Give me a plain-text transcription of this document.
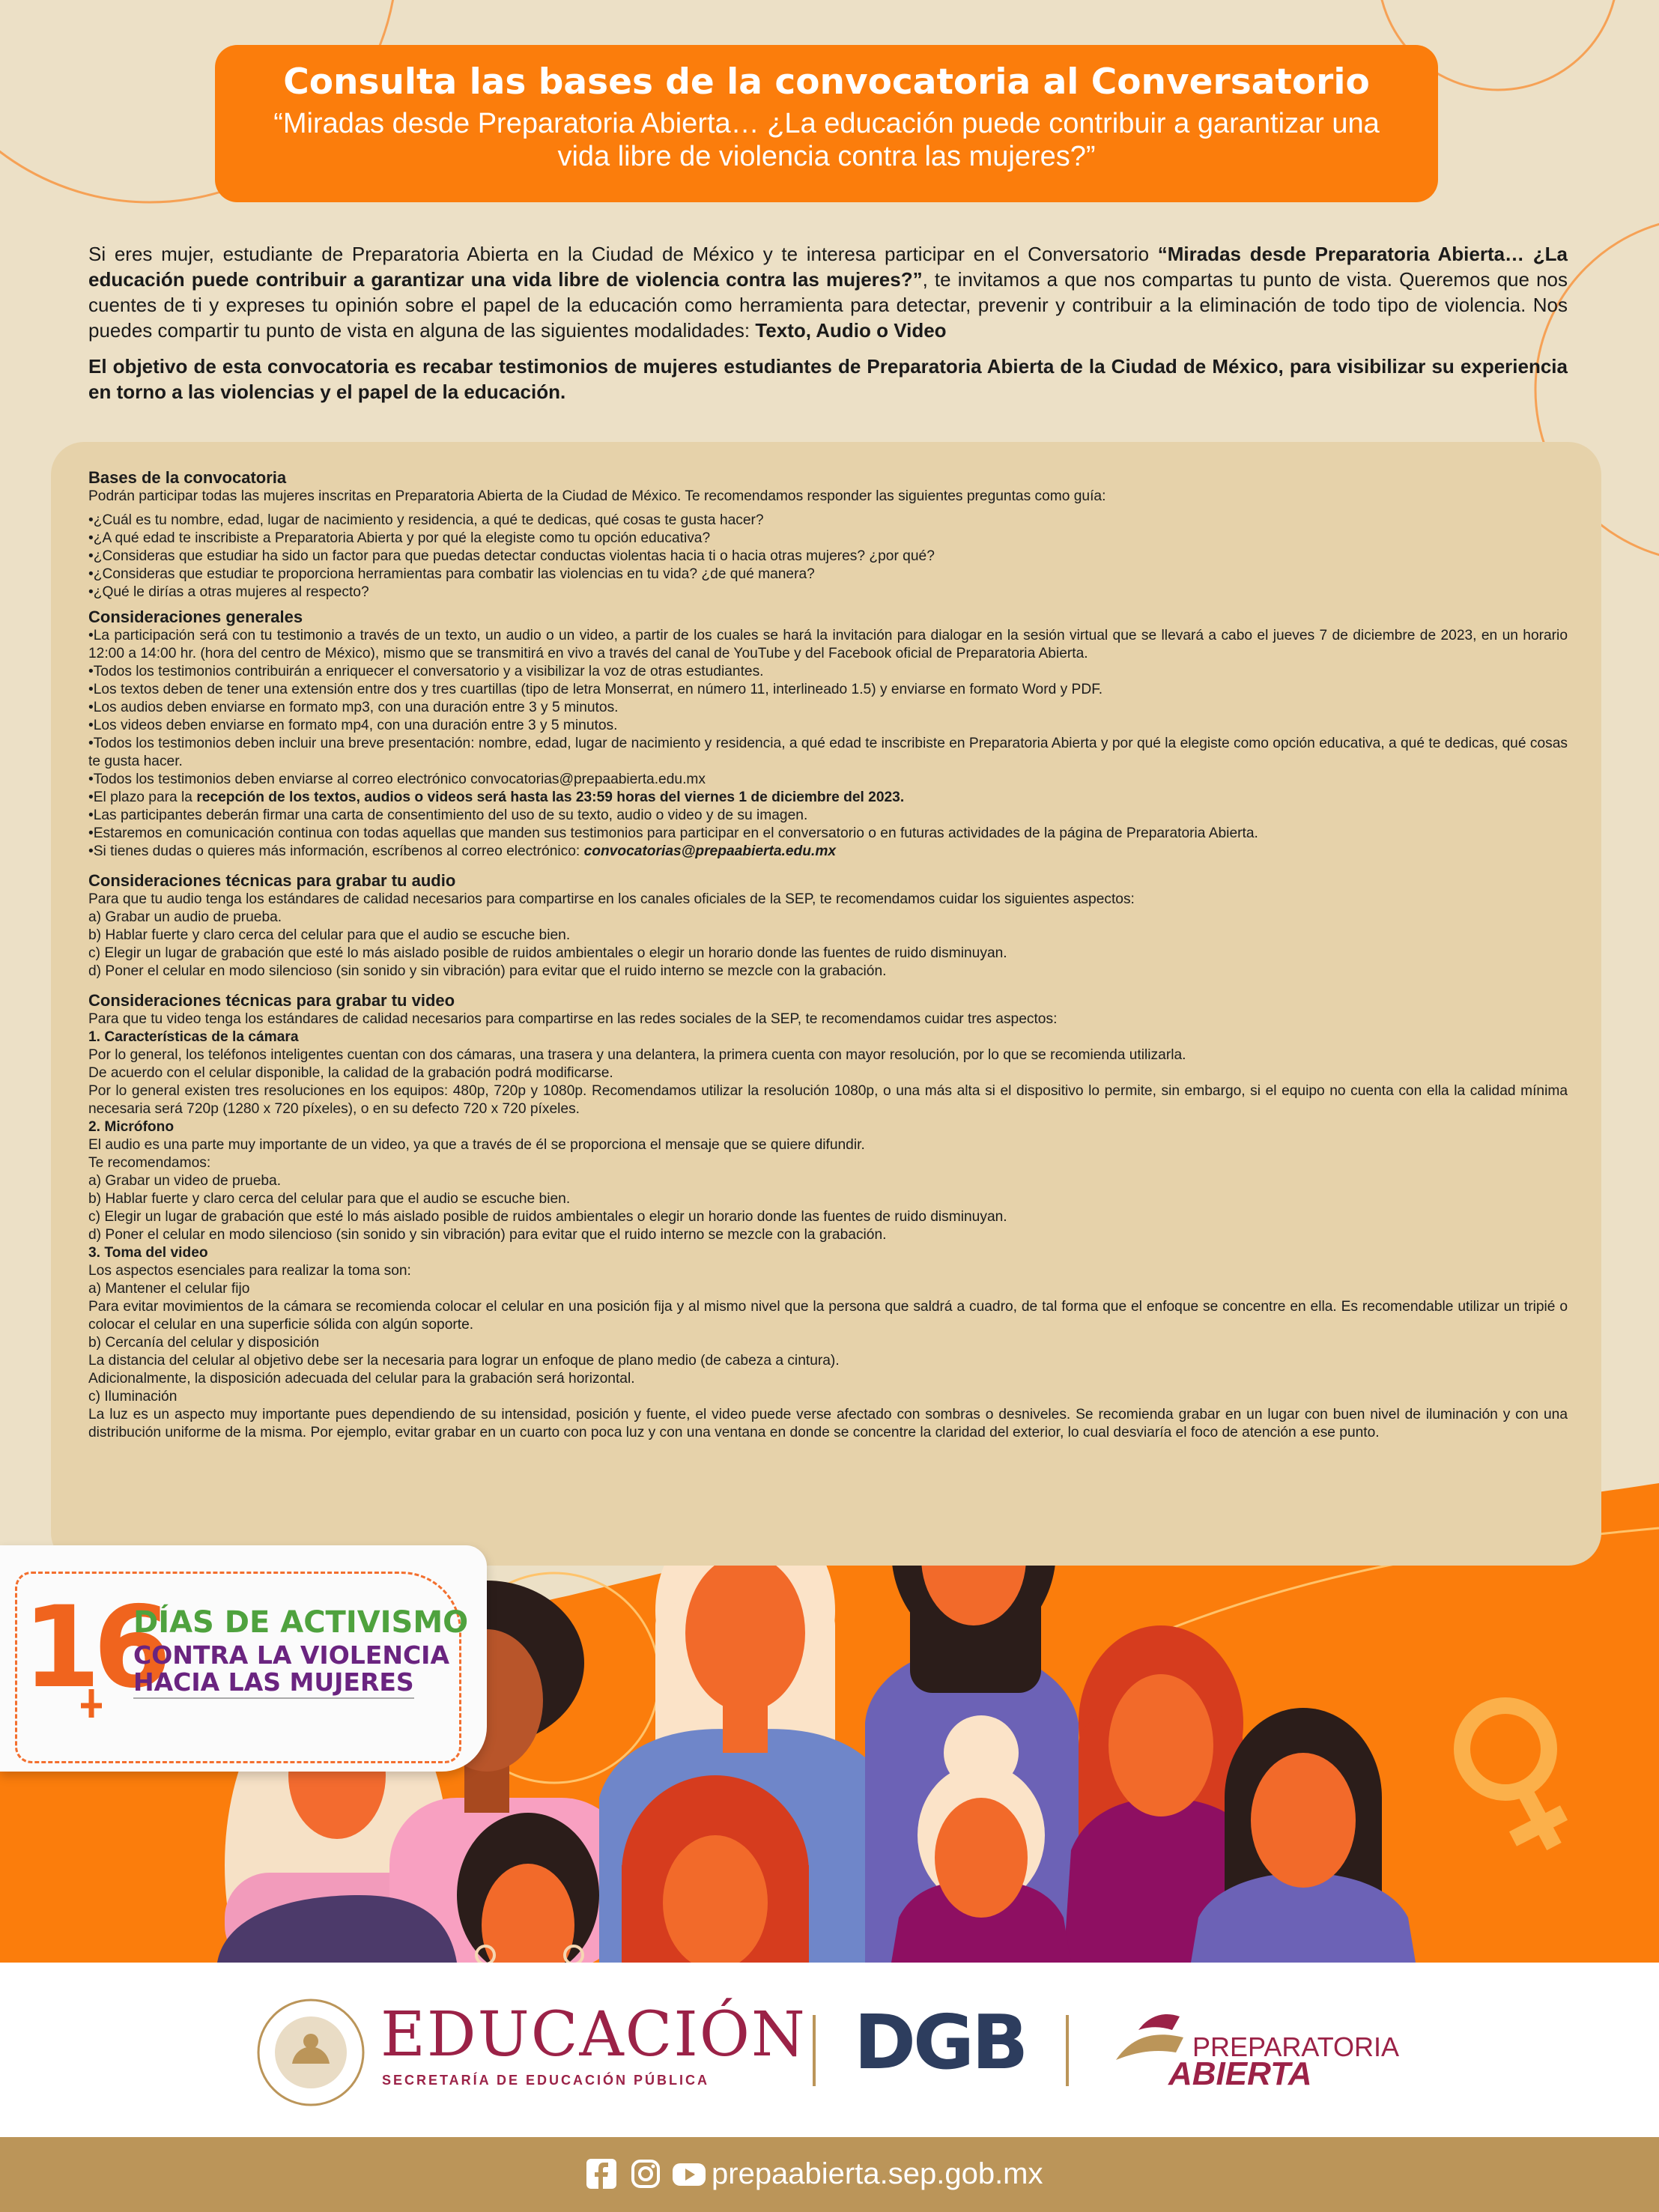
Consulta las bases de la convocatoria al Conversatorio
“Miradas desde Preparatoria Abierta… ¿La educación puede contribuir a garantizar una vida libre de violencia contra las mujeres?”

Si eres mujer, estudiante de Preparatoria Abierta en la Ciudad de México y te interesa participar en el Conversatorio “Miradas desde Preparatoria Abierta… ¿La educación puede contribuir a garantizar una vida libre de violencia contra las mujeres?”, te invitamos a que nos compartas tu punto de vista. Queremos que nos cuentes de ti y expreses tu opinión sobre el papel de la educación como herramienta para detectar, prevenir y contribuir a la eliminación de todo tipo de violencia. Nos puedes compartir tu punto de vista en alguna de las siguientes modalidades: Texto, Audio o Video

El objetivo de esta convocatoria es recabar testimonios de mujeres estudiantes de Preparatoria Abierta de la Ciudad de México, para visibilizar su experiencia en torno a las violencias y el papel de la educación.

Bases de la convocatoria

Podrán participar todas las mujeres inscritas en Preparatoria Abierta de la Ciudad de México. Te recomendamos responder las siguientes preguntas como guía:

•¿Cuál es tu nombre, edad, lugar de nacimiento y residencia, a qué te dedicas, qué cosas te gusta hacer?

•¿A qué edad te inscribiste a Preparatoria Abierta y por qué la elegiste como tu opción educativa?

•¿Consideras que estudiar ha sido un factor para que puedas detectar conductas violentas hacia ti o hacia otras mujeres? ¿por qué?

•¿Consideras que estudiar te proporciona herramientas para combatir las violencias en tu vida? ¿de qué manera?

•¿Qué le dirías a otras mujeres al respecto?

Consideraciones generales

•La participación será con tu testimonio a través de un texto, un audio o un video, a partir de los cuales se hará la invitación para dialogar en la sesión virtual que se llevará a cabo el jueves 7 de diciembre de 2023, en un horario 12:00 a 14:00 hr. (hora del centro de México), mismo que se transmitirá en vivo a través del canal de YouTube y del Facebook oficial de Preparatoria Abierta.

•Todos los testimonios contribuirán a enriquecer el conversatorio y a visibilizar la voz de otras estudiantes.

•Los textos deben de tener una extensión entre dos y tres cuartillas (tipo de letra Monserrat, en número 11, interlineado 1.5) y enviarse en formato Word y PDF.

•Los audios deben enviarse en formato mp3, con una duración entre 3 y 5 minutos.

•Los videos deben enviarse en formato mp4, con una duración entre 3 y 5 minutos.

•Todos los testimonios deben incluir una breve presentación: nombre, edad, lugar de nacimiento y residencia, a qué edad te inscribiste en Preparatoria Abierta y por qué la elegiste como opción educativa, a qué te dedicas, qué cosas te gusta hacer.

•Todos los testimonios deben enviarse al correo electrónico convocatorias@prepaabierta.edu.mx

•El plazo para la recepción de los textos, audios o videos será hasta las 23:59 horas del viernes 1 de diciembre del 2023.

•Las participantes deberán firmar una carta de consentimiento del uso de su texto, audio o video y de su imagen.

•Estaremos en comunicación continua con todas aquellas que manden sus testimonios para participar en el conversatorio o en futuras actividades de la página de Preparatoria Abierta.

•Si tienes dudas o quieres más información, escríbenos al correo electrónico: convocatorias@prepaabierta.edu.mx

Consideraciones técnicas para grabar tu audio

Para que tu audio tenga los estándares de calidad necesarios para compartirse en los canales oficiales de la SEP, te recomendamos cuidar los siguientes aspectos:

a) Grabar un audio de prueba.

b) Hablar fuerte y claro cerca del celular para que el audio se escuche bien.

c) Elegir un lugar de grabación que esté lo más aislado posible de ruidos ambientales o elegir un horario donde las fuentes de ruido disminuyan.

d) Poner el celular en modo silencioso (sin sonido y sin vibración) para evitar que el ruido interno se mezcle con la grabación.

Consideraciones técnicas para grabar tu video

Para que tu video tenga los estándares de calidad necesarios para compartirse en las redes sociales de la SEP, te recomendamos cuidar tres aspectos:

1. Características de la cámara

Por lo general, los teléfonos inteligentes cuentan con dos cámaras, una trasera y una delantera, la primera cuenta con mayor resolución, por lo que se recomienda utilizarla.

De acuerdo con el celular disponible, la calidad de la grabación podrá modificarse.

Por lo general existen tres resoluciones en los equipos: 480p, 720p y 1080p. Recomendamos utilizar la resolución 1080p, o una más alta si el dispositivo lo permite, sin embargo, si el equipo no cuenta con ella la calidad mínima necesaria será 720p (1280 x 720 píxeles), o en su defecto 720 x 720 píxeles.

2. Micrófono

El audio es una parte muy importante de un video, ya que a través de él se proporciona el mensaje que se quiere difundir.

Te recomendamos:

a) Grabar un video de prueba.

b) Hablar fuerte y claro cerca del celular para que el audio se escuche bien.

c) Elegir un lugar de grabación que esté lo más aislado posible de ruidos ambientales o elegir un horario donde las fuentes de ruido disminuyan.

d) Poner el celular en modo silencioso (sin sonido y sin vibración) para evitar que el ruido interno se mezcle con la grabación.

3. Toma del video

Los aspectos esenciales para realizar la toma son:

a) Mantener el celular fijo

Para evitar movimientos de la cámara se recomienda colocar el celular en una posición fija y al mismo nivel que la persona que saldrá a cuadro, de tal forma que el enfoque se concentre en ella. Es recomendable utilizar un tripié o colocar el celular en una superficie sólida con algún soporte.

b) Cercanía del celular y disposición

La distancia del celular al objetivo debe ser la necesaria para lograr un enfoque de plano medio (de cabeza a cintura).

Adicionalmente, la disposición adecuada del celular para la grabación será horizontal.

c) Iluminación

La luz es un aspecto muy importante pues dependiendo de su intensidad, posición y fuente, el video puede verse afectado con sombras o desniveles. Se recomienda grabar en un lugar con buen nivel de iluminación y con una distribución uniforme de la misma. Por ejemplo, evitar grabar en un cuarto con poca luz y con una ventana en donde se concentre la claridad del exterior, lo cual desviaría el foco de atención a ese punto.

16
DÍAS DE ACTIVISMO
CONTRA LA VIOLENCIA
HACIA LAS MUJERES
EDUCACIÓN
SECRETARÍA DE EDUCACIÓN PÚBLICA DGB	PREPARATORIA
ABIERTA
prepaabierta.sep.gob.mx
